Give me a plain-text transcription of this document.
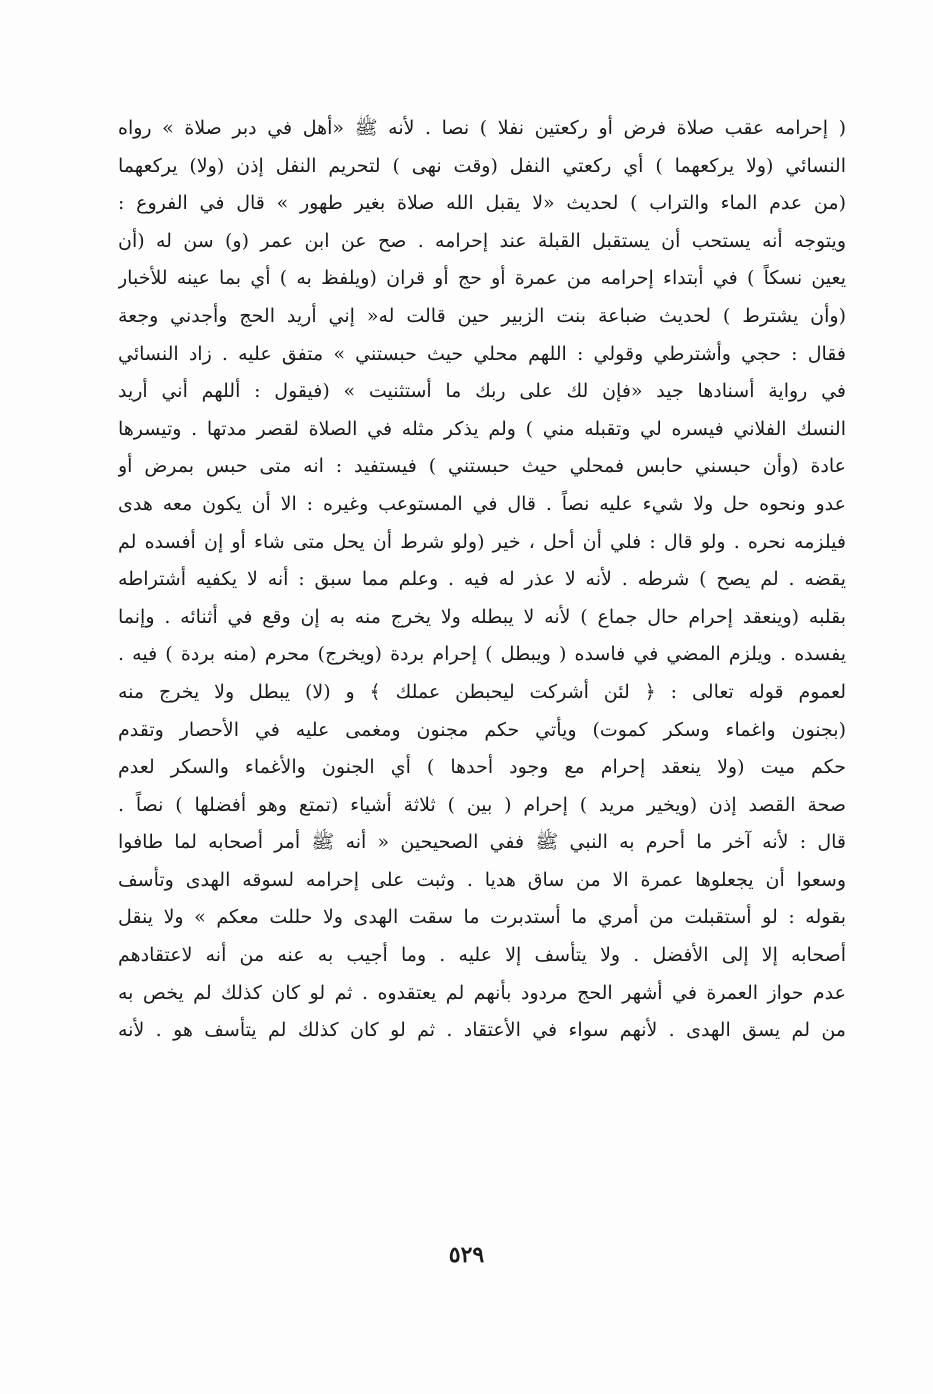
( إحرامه عقب صلاة فرض أو ركعتين نفلا ) نصا . لأنه ﷺ «أهل في دبر صلاة » رواه
النسائي (ولا يركعهما ) أي ركعتي النفل (وقت نهى ) لتحريم النفل إذن (ولا) يركعهما
(من عدم الماء والتراب ) لحديث «لا يقبل الله صلاة بغير طهور » قال في الفروع :
ويتوجه أنه يستحب أن يستقبل القبلة عند إحرامه . صح عن ابن عمر (و) سن له (أن
يعين نسكاً ) في أبتداء إحرامه من عمرة أو حج أو قران (ويلفظ به ) أي بما عينه للأخبار
(وأن يشترط ) لحديث ضباعة بنت الزبير حين قالت له« إني أريد الحج وأجدني وجعة
فقال : حجي وأشترطي وقولي : اللهم محلي حيث حبستني » متفق عليه . زاد النسائي
في رواية أسنادها جيد «فإن لك على ربك ما أستثنيت » (فيقول : أللهم أني أريد
النسك الفلاني فيسره لي وتقبله مني ) ولم يذكر مثله في الصلاة لقصر مدتها . وتيسرها
عادة (وأن حبسني حابس فمحلي حيث حبستني ) فيستفيد : انه متى حبس بمرض أو
عدو ونحوه حل ولا شيء عليه نصاً . قال في المستوعب وغيره : الا أن يكون معه هدى
فيلزمه نحره . ولو قال : فلي أن أحل ، خير (ولو شرط أن يحل متى شاء أو إن أفسده لم
يقضه . لم يصح ) شرطه . لأنه لا عذر له فيه . وعلم مما سبق : أنه لا يكفيه أشتراطه
بقلبه (وينعقد إحرام حال جماع ) لأنه لا يبطله ولا يخرج منه به إن وقع في أثنائه . وإنما
يفسده . ويلزم المضي في فاسده ( ويبطل ) إحرام بردة (ويخرج) محرم (منه بردة ) فيه .
لعموم قوله تعالى : ﴿ لئن أشركت ليحبطن عملك ﴾ و (لا) يبطل ولا يخرج منه
(بجنون واغماء وسكر كموت) ويأتي حكم مجنون ومغمى عليه في الأحصار وتقدم
حكم ميت (ولا ينعقد إحرام مع وجود أحدها ) أي الجنون والأغماء والسكر لعدم
صحة القصد إذن (ويخير مريد ) إحرام ( بين ) ثلاثة أشياء (تمتع وهو أفضلها ) نصاً .
قال : لأنه آخر ما أحرم به النبي ﷺ ففي الصحيحين « أنه ﷺ أمر أصحابه لما طافوا
وسعوا أن يجعلوها عمرة الا من ساق هديا . وثبت على إحرامه لسوقه الهدى وتأسف
بقوله : لو أستقبلت من أمري ما أستدبرت ما سقت الهدى ولا حللت معكم » ولا ينقل
أصحابه إلا إلى الأفضل . ولا يتأسف إلا عليه . وما أجيب به عنه من أنه لاعتقادهم
عدم حواز العمرة في أشهر الحج مردود بأنهم لم يعتقدوه . ثم لو كان كذلك لم يخص به
من لم يسق الهدى . لأنهم سواء في الأعتقاد . ثم لو كان كذلك لم يتأسف هو . لأنه
٥٢٩
